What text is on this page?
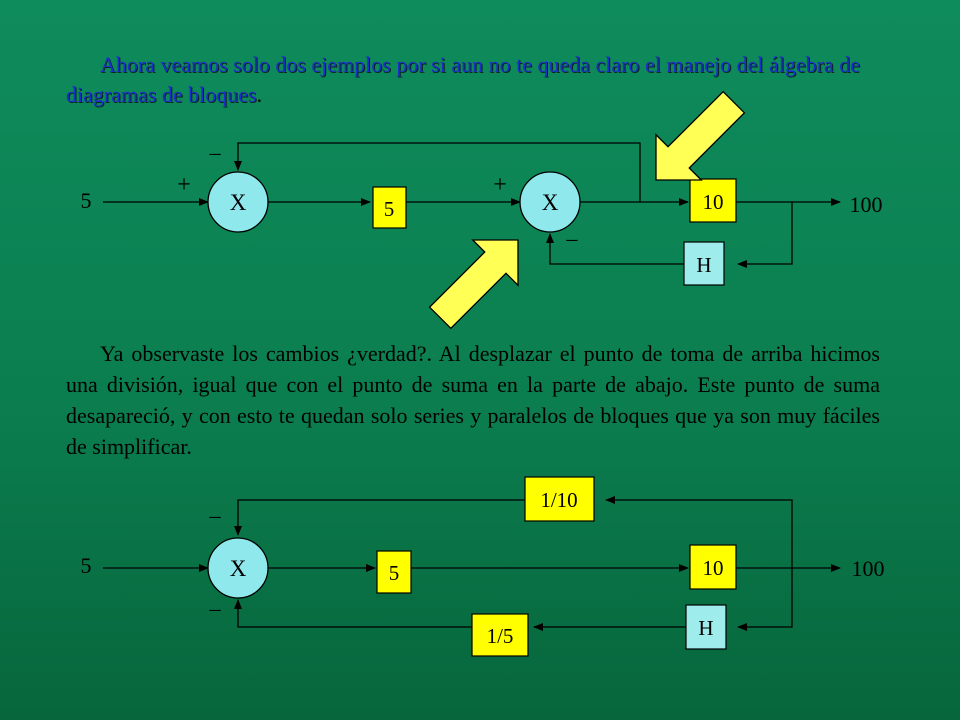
Ahora veamos solo dos ejemplos por si aun no te queda claro el manejo del álgebra de diagramas de bloques.
X	X
5	10
H
5	100
_
+	+
_
X
1/10
5	10
H
1/5
5	100
_
_
Ya observaste los cambios ¿verdad?. Al desplazar el punto de toma de arriba hicimos una división, igual que con el punto de suma en la parte de abajo. Este punto de suma desapareció, y con esto te quedan solo series y paralelos de bloques que ya son muy fáciles de simplificar.
